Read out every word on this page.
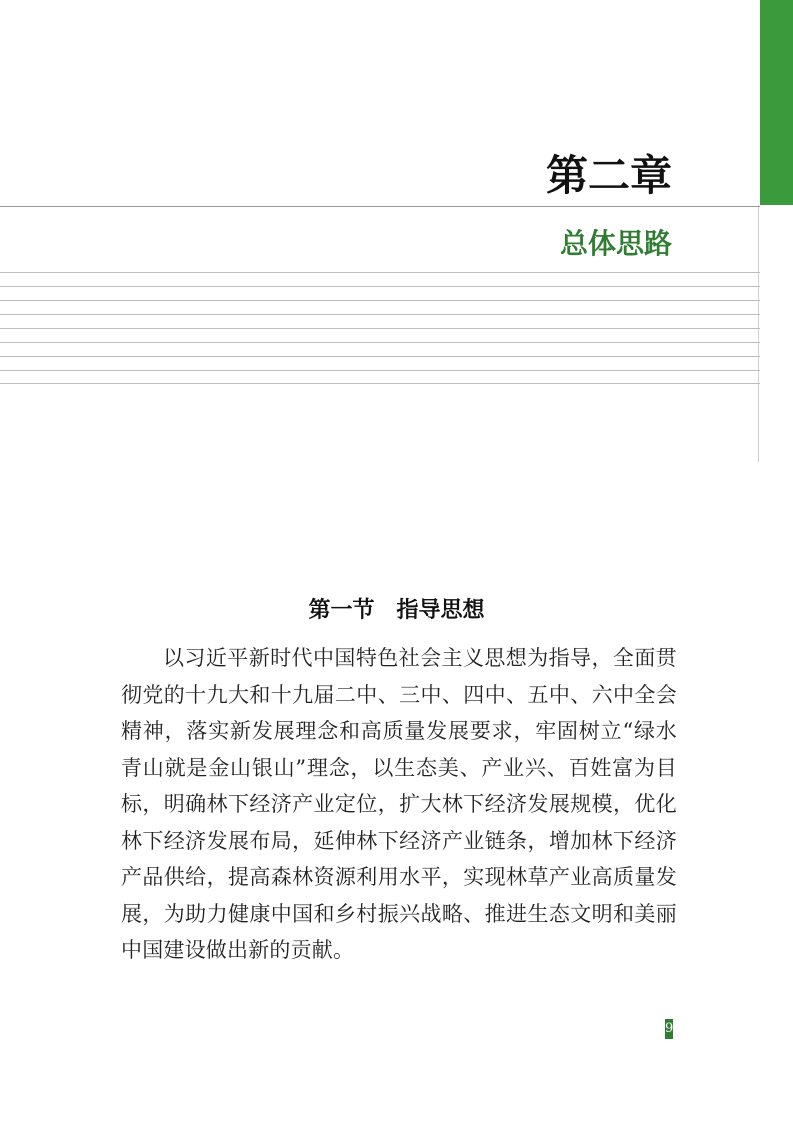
第二章
总体思路
第一节　指导思想

以习近平新时代中国特色社会主义思想为指导，全面贯彻党的十九大和十九届二中、三中、四中、五中、六中全会精神，落实新发展理念和高质量发展要求，牢固树立“绿水青山就是金山银山”理念，以生态美、产业兴、百姓富为目标，明确林下经济产业定位，扩大林下经济发展规模，优化林下经济发展布局，延伸林下经济产业链条，增加林下经济产品供给，提高森林资源利用水平，实现林草产业高质量发展，为助力健康中国和乡村振兴战略、推进生态文明和美丽中国建设做出新的贡献。

9
